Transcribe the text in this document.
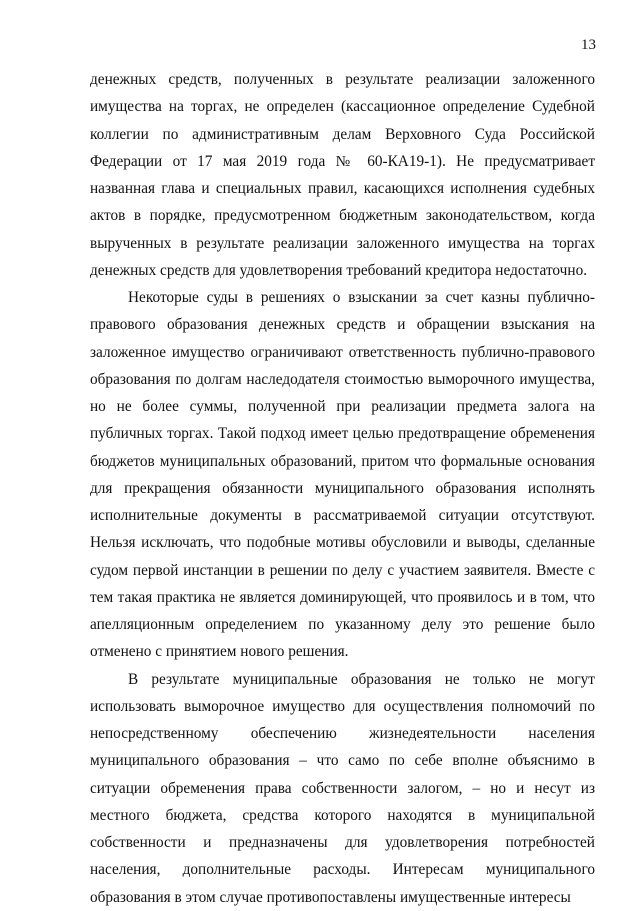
13

денежных средств, полученных в результате реализации заложенного имущества на торгах, не определен (кассационное определение Судебной коллегии по административным делам Верховного Суда Российской Федерации от 17 мая 2019 года № 60-КА19-1). Не предусматривает названная глава и специальных правил, касающихся исполнения судебных актов в порядке, предусмотренном бюджетным законодательством, когда вырученных в результате реализации заложенного имущества на торгах денежных средств для удовлетворения требований кредитора недостаточно.

Некоторые суды в решениях о взыскании за счет казны публично-правового образования денежных средств и обращении взыскания на заложенное имущество ограничивают ответственность публично-правового образования по долгам наследодателя стоимостью выморочного имущества, но не более суммы, полученной при реализации предмета залога на публичных торгах. Такой подход имеет целью предотвращение обременения бюджетов муниципальных образований, притом что формальные основания для прекращения обязанности муниципального образования исполнять исполнительные документы в рассматриваемой ситуации отсутствуют. Нельзя исключать, что подобные мотивы обусловили и выводы, сделанные судом первой инстанции в решении по делу с участием заявителя. Вместе с тем такая практика не является доминирующей, что проявилось и в том, что апелляционным определением по указанному делу это решение было отменено с принятием нового решения.

В результате муниципальные образования не только не могут использовать выморочное имущество для осуществления полномочий по непосредственному обеспечению жизнедеятельности населения муниципального образования – что само по себе вполне объяснимо в ситуации обременения права собственности залогом, – но и несут из местного бюджета, средства которого находятся в муниципальной собственности и предназначены для удовлетворения потребностей населения, дополнительные расходы. Интересам муниципального образования в этом случае противопоставлены имущественные интересы
